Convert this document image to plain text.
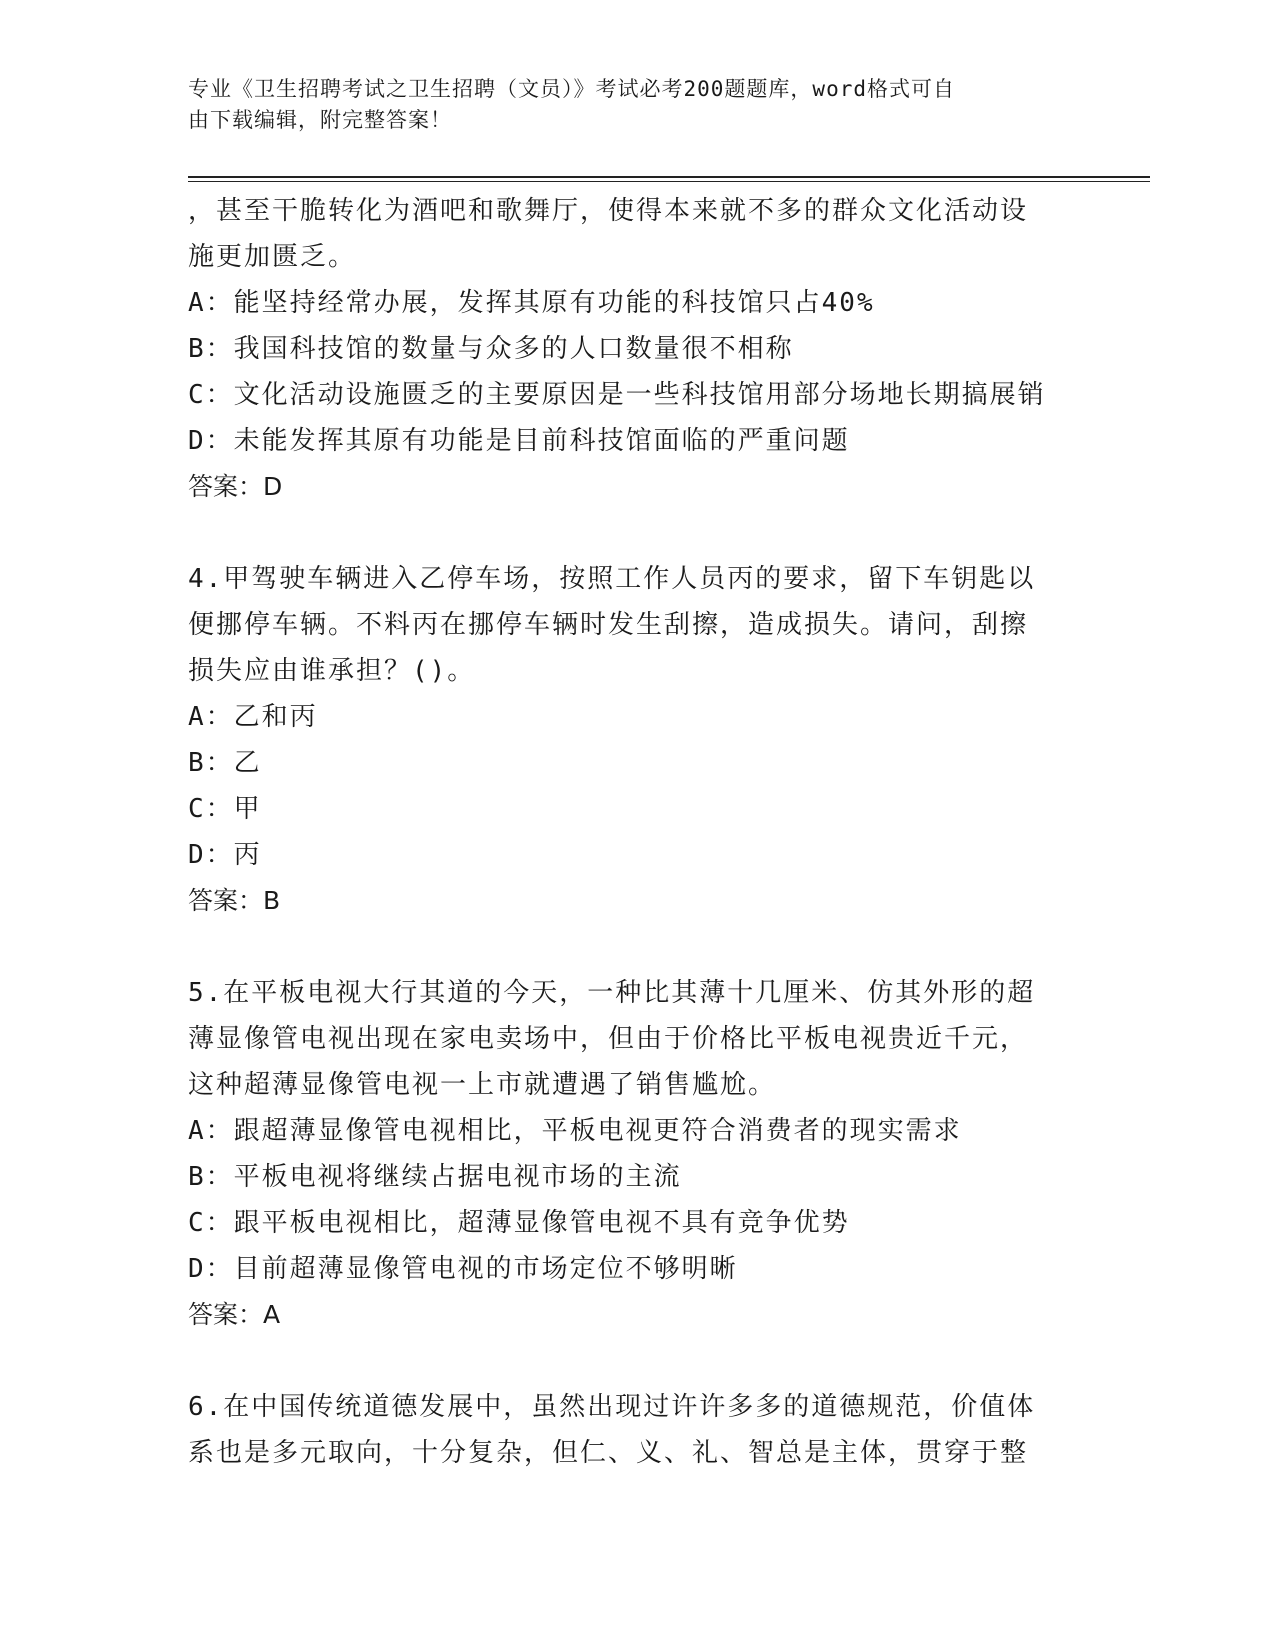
专业《卫生招聘考试之卫生招聘（文员）》考试必考200题题库，word格式可自
由下载编辑，附完整答案！
，甚至干脆转化为酒吧和歌舞厅，使得本来就不多的群众文化活动设
施更加匮乏。
A：能坚持经常办展，发挥其原有功能的科技馆只占40%
B：我国科技馆的数量与众多的人口数量很不相称
C：文化活动设施匮乏的主要原因是一些科技馆用部分场地长期搞展销
D：未能发挥其原有功能是目前科技馆面临的严重问题
答案：D
4.甲驾驶车辆进入乙停车场，按照工作人员丙的要求，留下车钥匙以
便挪停车辆。不料丙在挪停车辆时发生刮擦，造成损失。请问，刮擦
损失应由谁承担？()。
A：乙和丙
B：乙
C：甲
D：丙
答案：B
5.在平板电视大行其道的今天，一种比其薄十几厘米、仿其外形的超
薄显像管电视出现在家电卖场中，但由于价格比平板电视贵近千元，
这种超薄显像管电视一上市就遭遇了销售尴尬。
A：跟超薄显像管电视相比，平板电视更符合消费者的现实需求
B：平板电视将继续占据电视市场的主流
C：跟平板电视相比，超薄显像管电视不具有竞争优势
D：目前超薄显像管电视的市场定位不够明晰
答案：A
6.在中国传统道德发展中，虽然出现过许许多多的道德规范，价值体
系也是多元取向，十分复杂，但仁、义、礼、智总是主体，贯穿于整
